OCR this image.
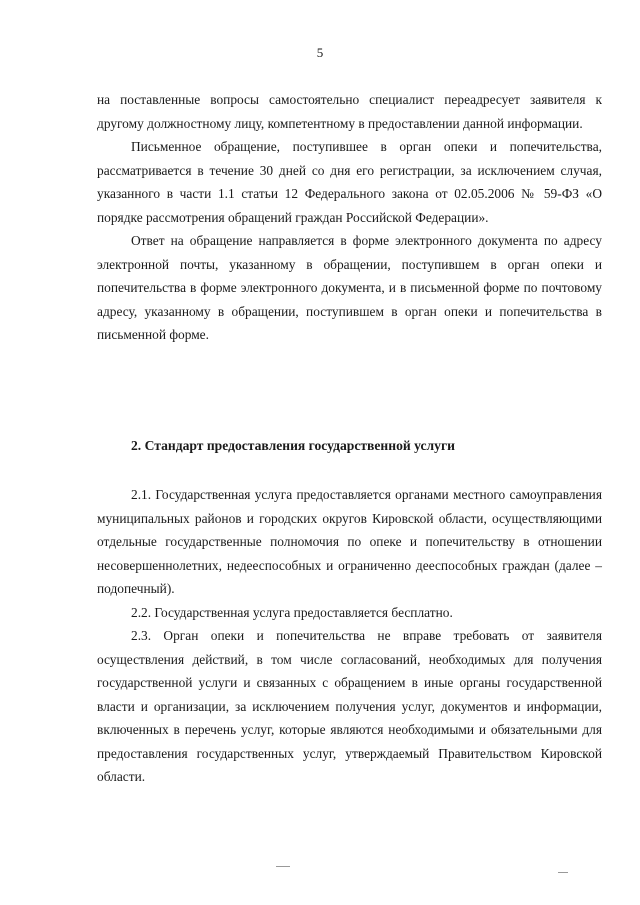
5

на поставленные вопросы самостоятельно специалист переадресует заявителя к другому должностному лицу, компетентному в предоставлении данной информации.

Письменное обращение, поступившее в орган опеки и попечительства, рассматривается в течение 30 дней со дня его регистрации, за исключением случая, указанного в части 1.1 статьи 12 Федерального закона от 02.05.2006 № 59-ФЗ «О порядке рассмотрения обращений граждан Российской Федерации».

Ответ на обращение направляется в форме электронного документа по адресу электронной почты, указанному в обращении, поступившем в орган опеки и попечительства в форме электронного документа, и в письменной форме по почтовому адресу, указанному в обращении, поступившем в орган опеки и попечительства в письменной форме.

2. Стандарт предоставления государственной услуги

2.1. Государственная услуга предоставляется органами местного самоуправления муниципальных районов и городских округов Кировской области, осуществляющими отдельные государственные полномочия по опеке и попечительству в отношении несовершеннолетних, недееспособных и ограниченно дееспособных граждан (далее – подопечный).

2.2. Государственная услуга предоставляется бесплатно.

2.3. Орган опеки и попечительства не вправе требовать от заявителя осуществления действий, в том числе согласований, необходимых для получения государственной услуги и связанных с обращением в иные органы государственной власти и организации, за исключением получения услуг, документов и информации, включенных в перечень услуг, которые являются необходимыми и обязательными для предоставления государственных услуг, утверждаемый Правительством Кировской области.
